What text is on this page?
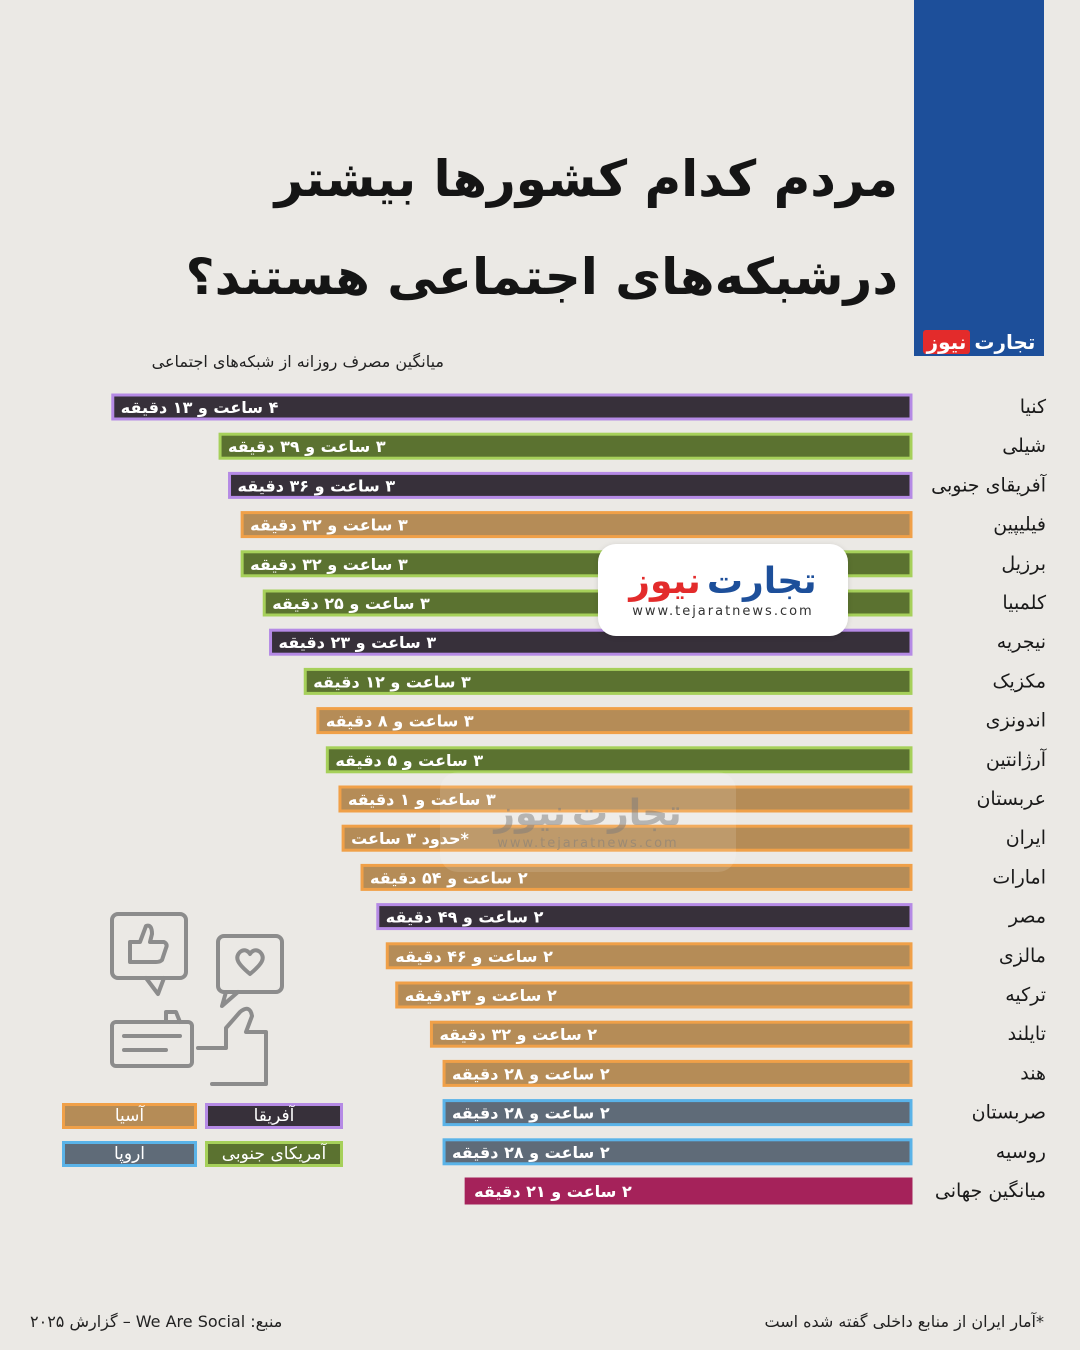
تجارت
نیوز
مردم کدام کشورها بیشتر
درشبکه‌های اجتماعی هستند؟
میانگین مصرف روزانه از شبکه‌های اجتماعی
۴ ساعت و ۱۳ دقیقه	کنیا
۳ ساعت و ۳۹ دقیقه	شیلی
۳ ساعت و ۳۶ دقیقه	آفریقای جنوبی
۳ ساعت و ۳۲ دقیقه	فیلیپین
۳ ساعت و ۳۲ دقیقه	برزیل
۳ ساعت و ۲۵ دقیقه	کلمبیا
۳ ساعت و ۲۳ دقیقه	نیجریه
۳ ساعت و ۱۲ دقیقه	مکزیک
۳ ساعت و ۸ دقیقه	اندونزی
۳ ساعت و ۵ دقیقه	آرژانتین
۳ ساعت و ۱ دقیقه	عربستان
*حدود ۳ ساعت	ایران
۲ ساعت و ۵۴ دقیقه	امارات
۲ ساعت و ۴۹ دقیقه	مصر
۲ ساعت و ۴۶ دقیقه	مالزی
۲ ساعت و ۴۳دقیقه	ترکیه
۲ ساعت و ۳۲ دقیقه	تایلند
۲ ساعت و ۲۸ دقیقه	هند
۲ ساعت و ۲۸ دقیقه	صربستان
۲ ساعت و ۲۸ دقیقه	روسیه
۲ ساعت و ۲۱ دقیقه	میانگین جهانی
تجارت
نیوز
www.tejaratnews.com
تجارت
نیوز
www.tejaratnews.com
آسیا	آفریقا
اروپا	آمریکای جنوبی
*آمار ایران از منابع داخلی گفته شده است
منبع: We Are Social – گزارش ۲۰۲۵
